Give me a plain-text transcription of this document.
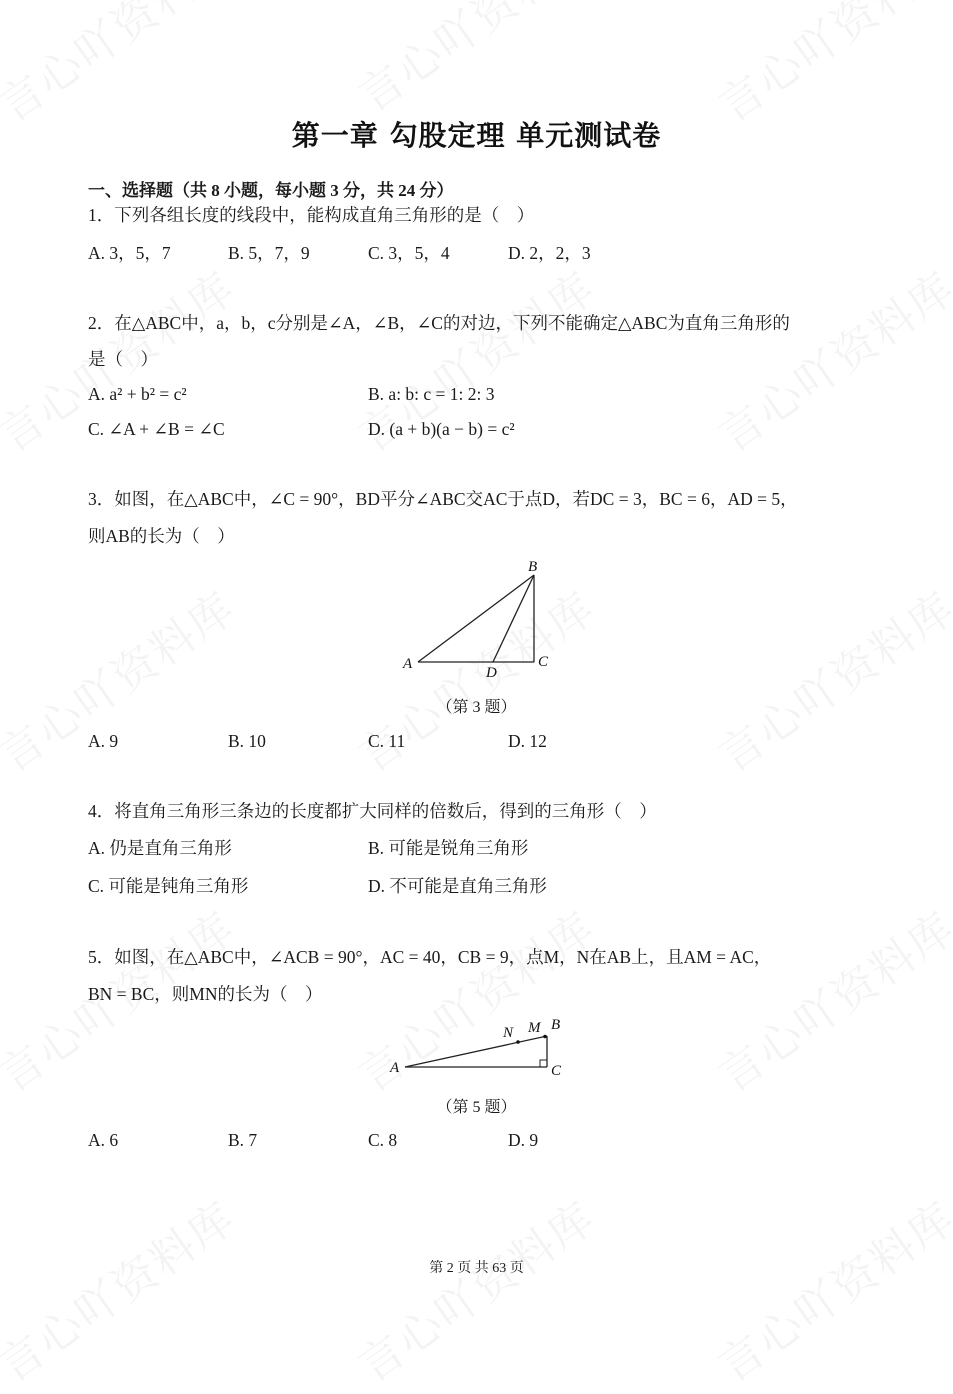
第一章 勾股定理 单元测试卷
一、选择题（共 8 小题，每小题 3 分，共 24 分）
1．下列各组长度的线段中，能构成直角三角形的是（　）
A. 3，5，7	B. 5，7，9	C. 3，5，4	D. 2，2，3
2．在△ABC中，a，b，c分别是∠A，∠B，∠C的对边，下列不能确定△ABC为直角三角形的
是（　）
A. a² + b² = c²	B. a: b: c = 1: 2: 3
C. ∠A + ∠B = ∠C	D. (a + b)(a − b) = c²
3．如图，在△ABC中，∠C = 90°，BD平分∠ABC交AC于点D，若DC = 3，BC = 6，AD = 5，
则AB的长为（　）
A
B
C
D
（第 3 题）
A. 9	B. 10	C. 11	D. 12
4．将直角三角形三条边的长度都扩大同样的倍数后，得到的三角形（　）
A. 仍是直角三角形	B. 可能是锐角三角形
C. 可能是钝角三角形	D. 不可能是直角三角形
5．如图，在△ABC中，∠ACB = 90°，AC = 40，CB = 9，点M，N在AB上，且AM = AC，
BN = BC，则MN的长为（　）
A
B
C
M
N
（第 5 题）
A. 6	B. 7	C. 8	D. 9
第 2 页 共 63 页
